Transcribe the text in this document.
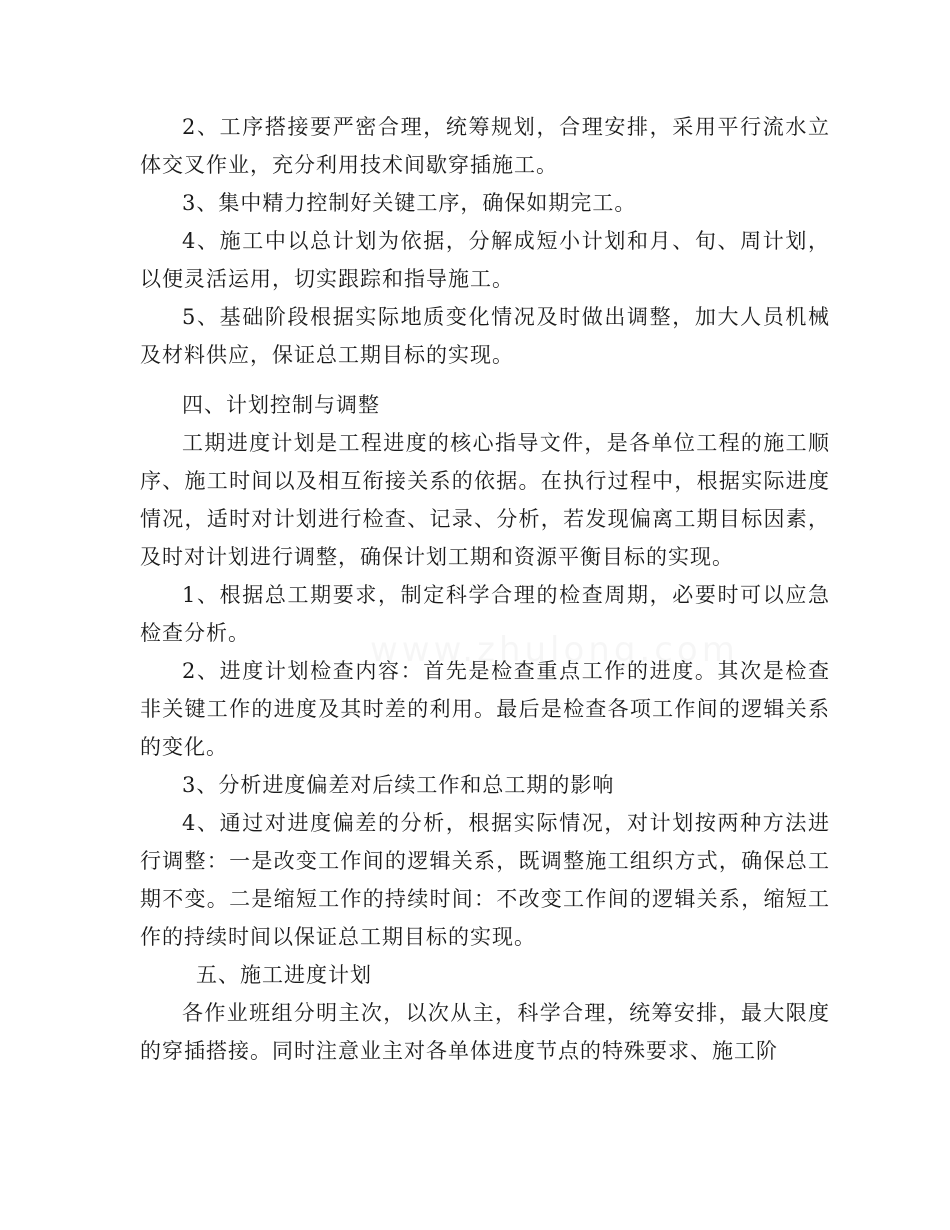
2、工序搭接要严密合理，统筹规划，合理安排，采用平行流水立体交叉作业，充分利用技术间歇穿插施工。

3、集中精力控制好关键工序，确保如期完工。

4、施工中以总计划为依据，分解成短小计划和月、旬、周计划，以便灵活运用，切实跟踪和指导施工。

5、基础阶段根据实际地质变化情况及时做出调整，加大人员机械及材料供应，保证总工期目标的实现。

四、计划控制与调整

工期进度计划是工程进度的核心指导文件，是各单位工程的施工顺序、施工时间以及相互衔接关系的依据。在执行过程中，根据实际进度情况，适时对计划进行检查、记录、分析，若发现偏离工期目标因素，及时对计划进行调整，确保计划工期和资源平衡目标的实现。

1、根据总工期要求，制定科学合理的检查周期，必要时可以应急检查分析。

2、进度计划检查内容：首先是检查重点工作的进度。其次是检查非关键工作的进度及其时差的利用。最后是检查各项工作间的逻辑关系的变化。

3、分析进度偏差对后续工作和总工期的影响

4、通过对进度偏差的分析，根据实际情况，对计划按两种方法进行调整：一是改变工作间的逻辑关系，既调整施工组织方式，确保总工期不变。二是缩短工作的持续时间：不改变工作间的逻辑关系，缩短工作的持续时间以保证总工期目标的实现。

五、施工进度计划

各作业班组分明主次，以次从主，科学合理，统筹安排，最大限度的穿插搭接。同时注意业主对各单体进度节点的特殊要求、施工阶
